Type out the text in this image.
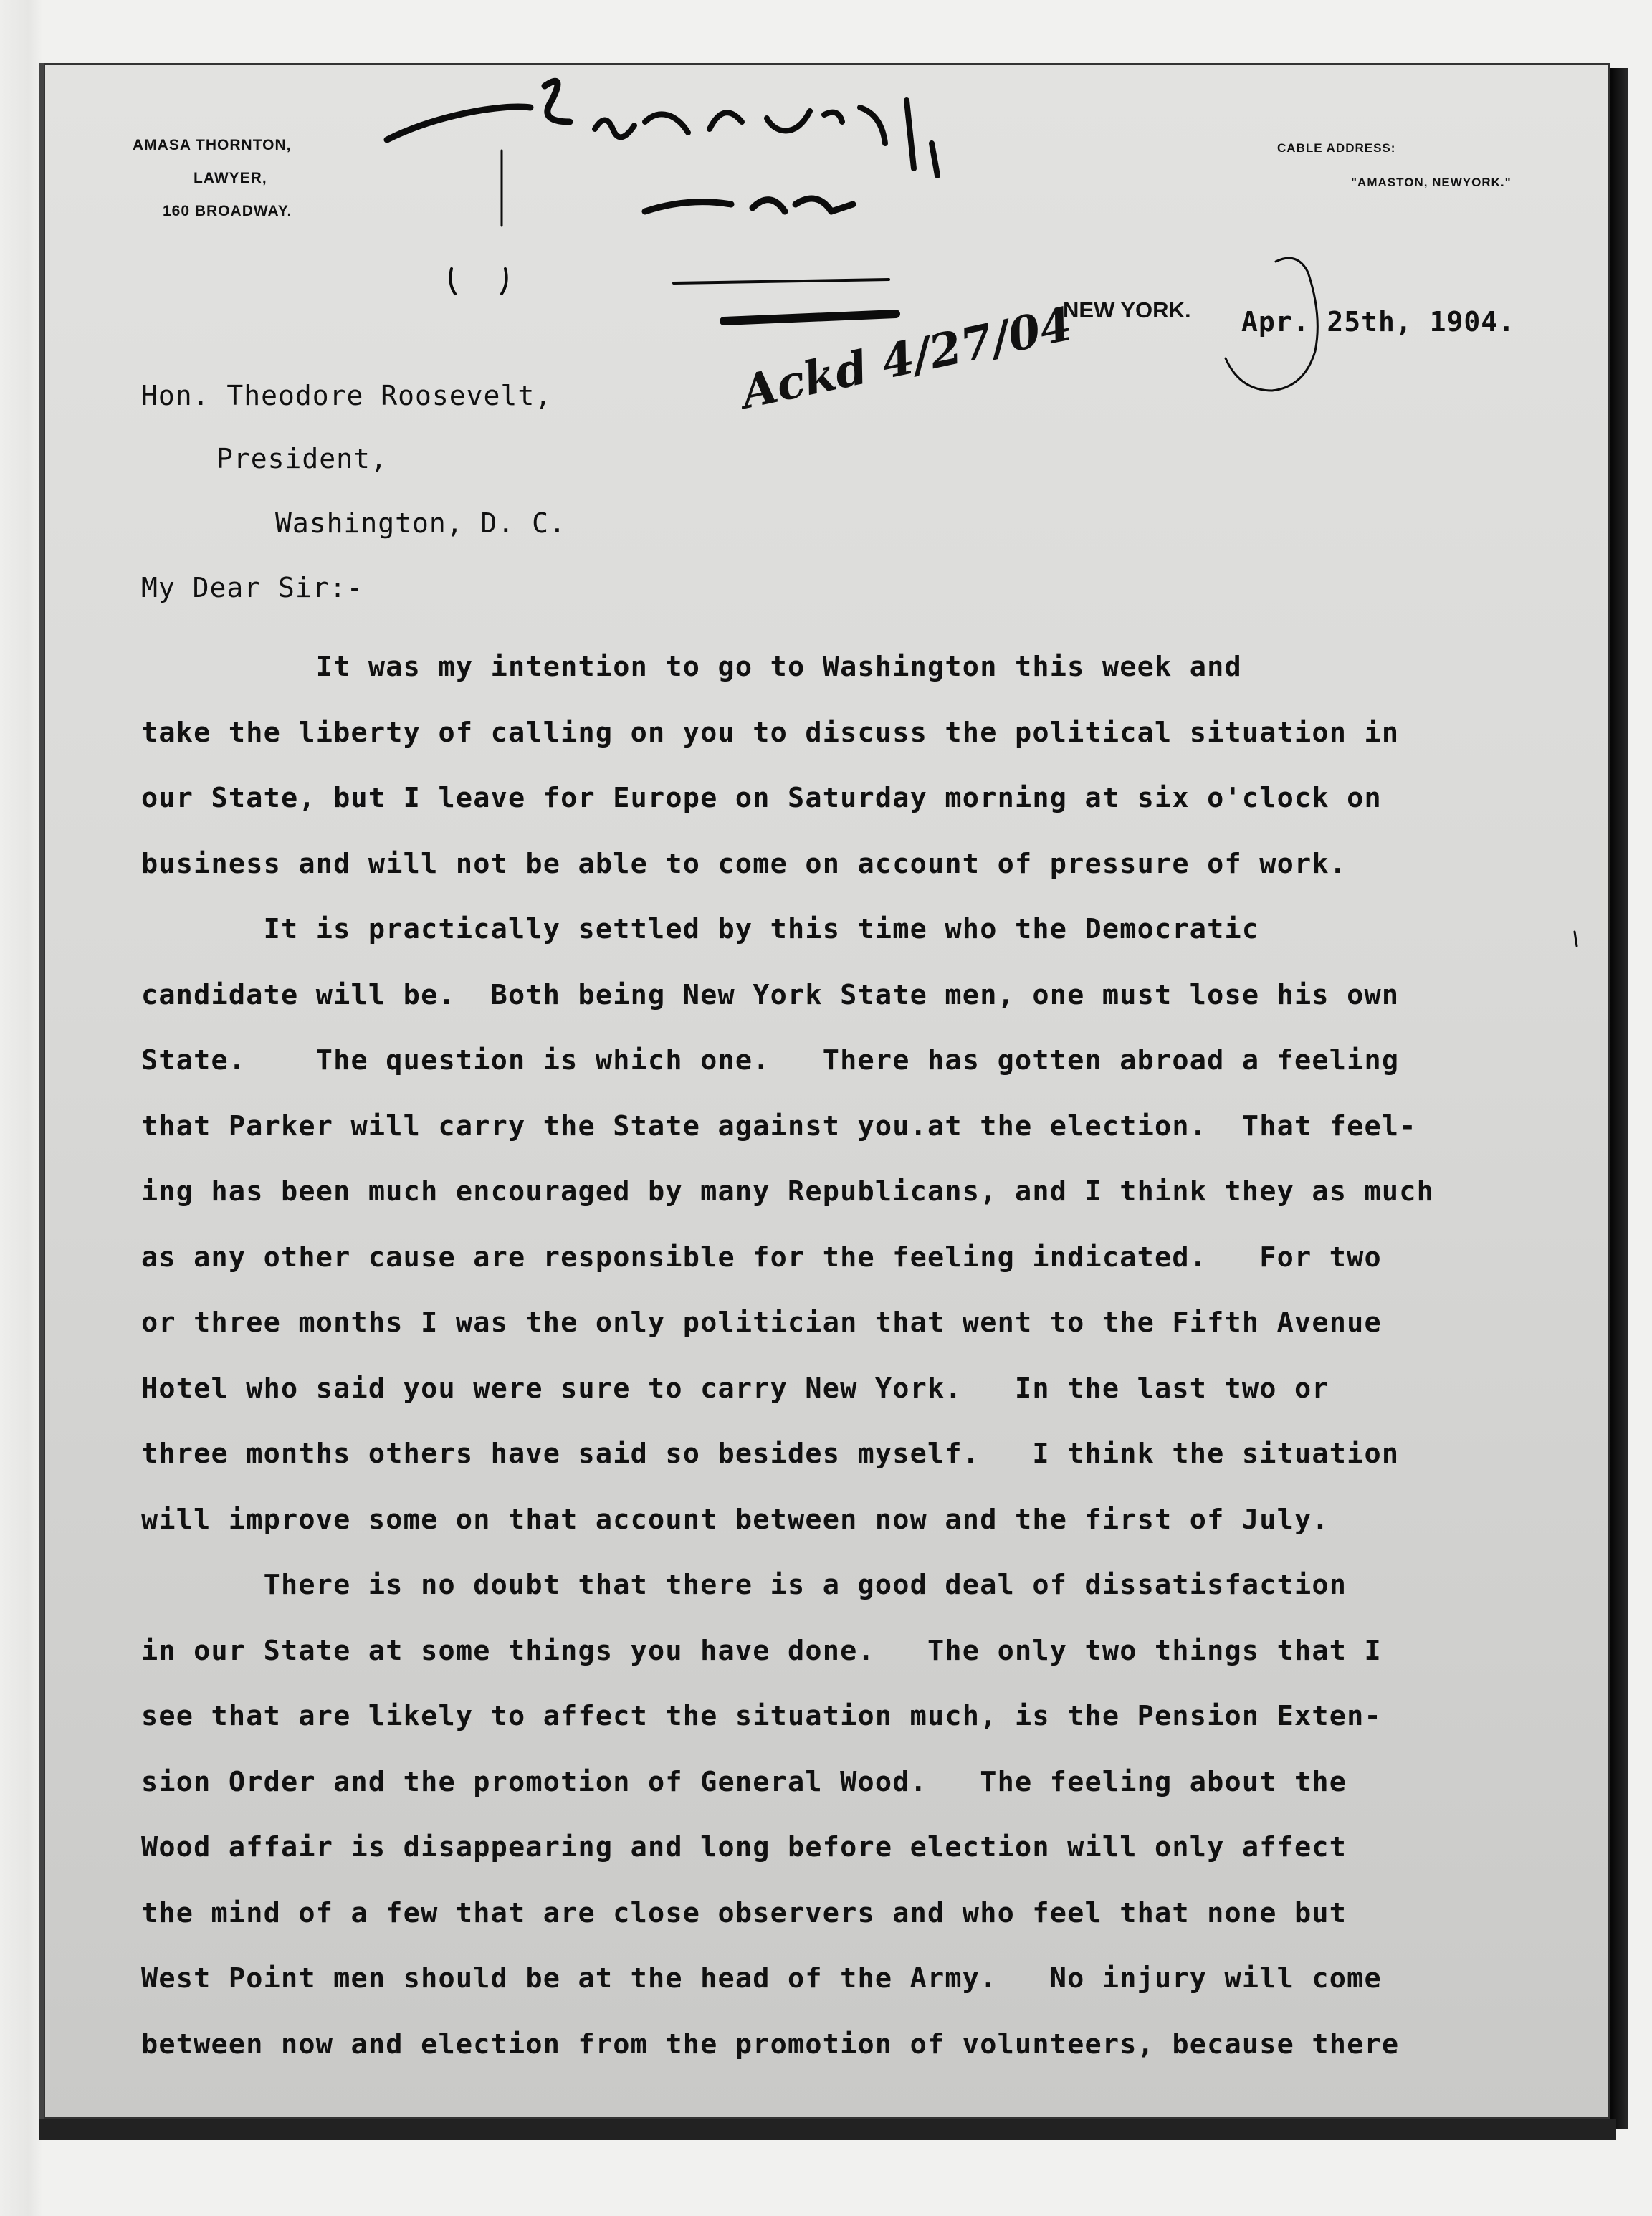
AMASA THORNTON,
LAWYER,
160 BROADWAY.
CABLE ADDRESS:
"AMASTON, NEWYORK."
Ackd 4/27/04
NEW YORK. Apr. 25th, 1904.
Hon. Theodore Roosevelt,
President,
Washington, D. C.
My Dear Sir:-
It was my intention to go to Washington this week and
take the liberty of calling on you to discuss the political situation in
our State, but I leave for Europe on Saturday morning at six o'clock on
business and will not be able to come on account of pressure of work.
It is practically settled by this time who the Democratic
candidate will be.  Both being New York State men, one must lose his own
State.    The question is which one.   There has gotten abroad a feeling
that Parker will carry the State against you.at the election.  That feel-
ing has been much encouraged by many Republicans, and I think they as much
as any other cause are responsible for the feeling indicated.   For two
or three months I was the only politician that went to the Fifth Avenue
Hotel who said you were sure to carry New York.   In the last two or
three months others have said so besides myself.   I think the situation
will improve some on that account between now and the first of July.
There is no doubt that there is a good deal of dissatisfaction
in our State at some things you have done.   The only two things that I
see that are likely to affect the situation much, is the Pension Exten-
sion Order and the promotion of General Wood.   The feeling about the
Wood affair is disappearing and long before election will only affect
the mind of a few that are close observers and who feel that none but
West Point men should be at the head of the Army.   No injury will come
between now and election from the promotion of volunteers, because there
